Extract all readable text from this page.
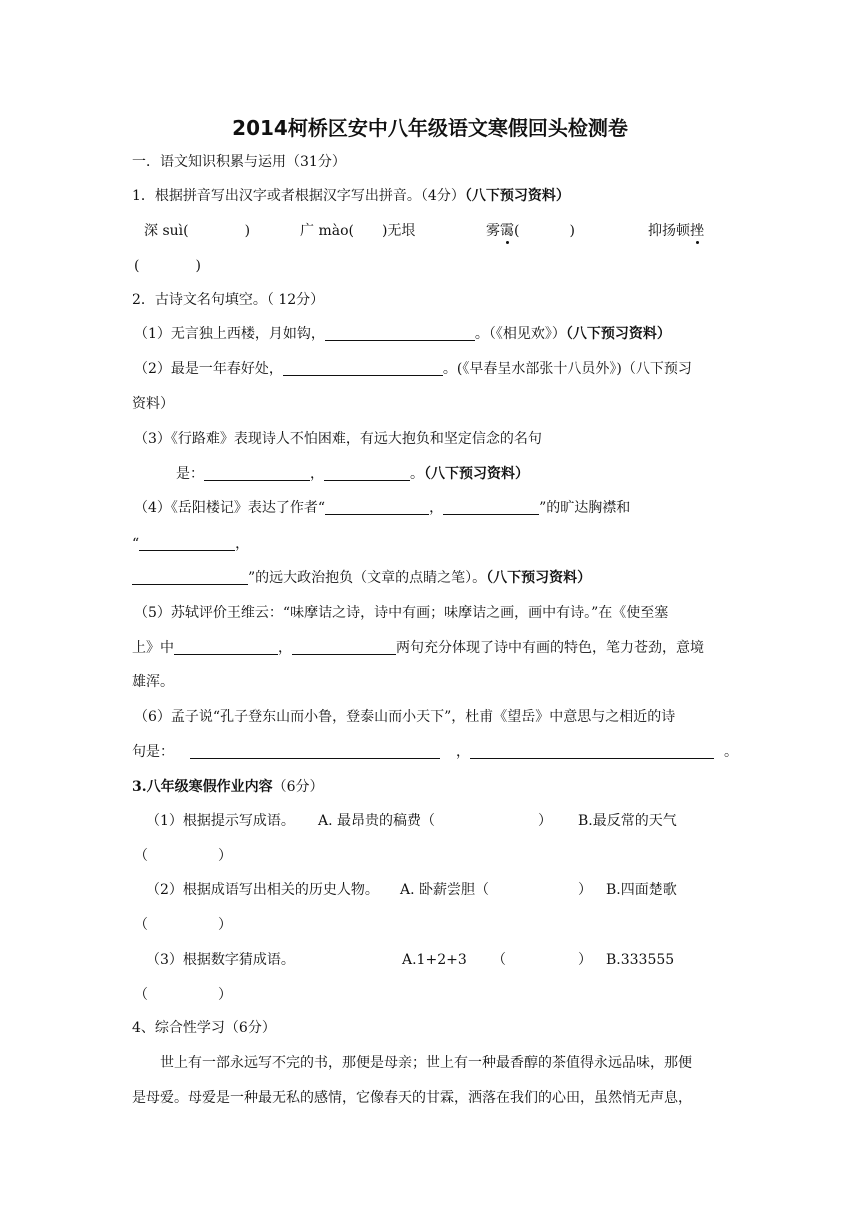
2014柯桥区安中八年级语文寒假回头检测卷
一．语文知识积累与运用（31分）
1．根据拼音写出汉字或者根据汉字写出拼音。（4分）（八下预习资料）
深 suì(	)	广 mào( )无垠	雾霭(	)	抑扬顿挫
(	)
2．古诗文名句填空。（ 12分）
（1）无言独上西楼，月如钩，	。（《相见欢》）（八下预习资料）
（2）最是一年春好处，	。(《早春呈水部张十八员外》)（八下预习
资料）
（3）《行路难》表现诗人不怕困难，有远大抱负和坚定信念的名句
是：	，	。（八下预习资料）
（4）《岳阳楼记》表达了作者“	，	”的旷达胸襟和
“	，
”的远大政治抱负（文章的点睛之笔）。（八下预习资料）
（5）苏轼评价王维云：“味摩诘之诗，诗中有画；味摩诘之画，画中有诗。”在《使至塞
上》中	，	两句充分体现了诗中有画的特色，笔力苍劲，意境
雄浑。
（6）孟子说“孔子登东山而小鲁，登泰山而小天下”，杜甫《望岳》中意思与之相近的诗
句是：	，	。
3.八年级寒假作业内容（6分）
（1）根据提示写成语。 A. 最昂贵的稿费（	） B.最反常的天气
（	）
（2）根据成语写出相关的历史人物。 A. 卧薪尝胆（	） B.四面楚歌
（	）
（3）根据数字猜成语。	A.1+2+3 （	） B.333555
（	）
4、综合性学习（6分）
世上有一部永远写不完的书，那便是母亲；世上有一种最香醇的茶值得永远品味，那便
是母爱。母爱是一种最无私的感情，它像春天的甘霖，洒落在我们的心田，虽然悄无声息，
